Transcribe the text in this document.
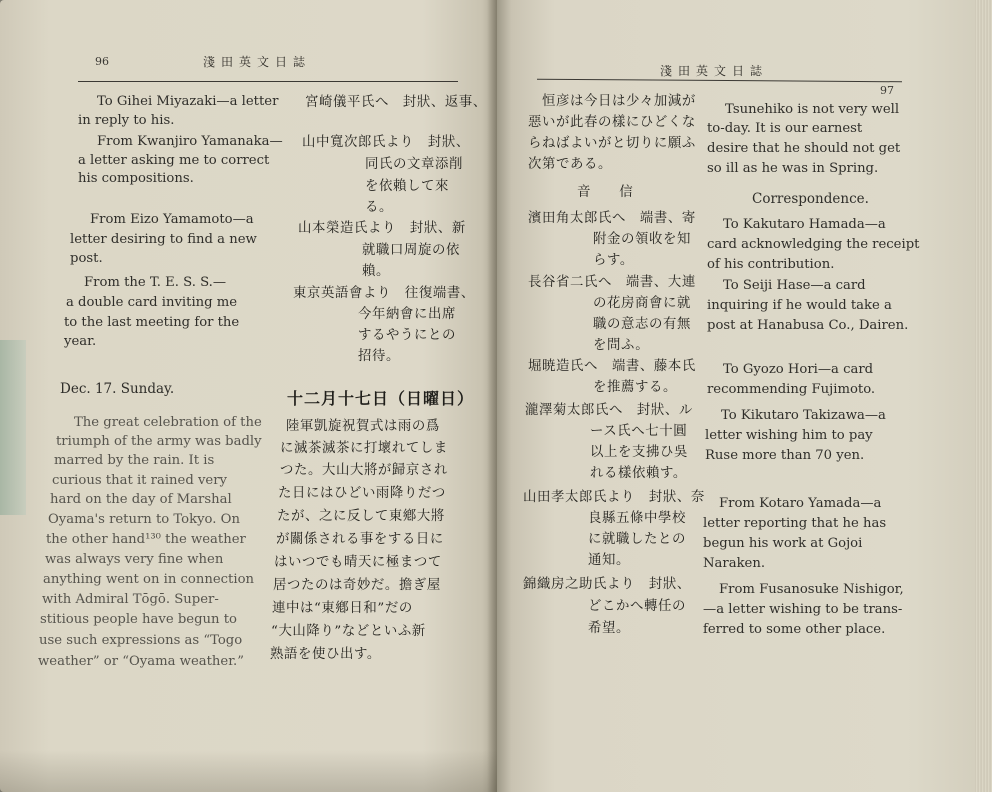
96	淺田英文日誌
To Gihei Miyazaki—a letter
in reply to his.
宮崎儀平氏へ　封狀、返事、
From Kwanjiro Yamanaka—
a letter asking me to correct
his compositions.
山中寬次郎氏より　封狀、
同氏の文章添削
を依賴して來
る。
From Eizo Yamamoto—a
letter desiring to find a new
post.
山本榮造氏より　封狀、新
就職口周旋の依
賴。
From the T. E. S. S.—
a double card inviting me
to the last meeting for the
year.
東京英語會より　往復端書、
今年納會に出席
するやうにとの
招待。
Dec. 17. Sunday.	十二月十七日（日曜日）
The great celebration of the
triumph of the army was badly
marred by the rain. It is
curious that it rained very
hard on the day of Marshal
Oyama's return to Tokyo. On
the other hand¹³⁰ the weather
was always very fine when
anything went on in connection
with Admiral Tōgō. Super-
stitious people have begun to
use such expressions as “Togo
weather” or “Oyama weather.”
陸軍凱旋祝賀式は雨の爲
に滅茶滅茶に打壞れてしま
つた。大山大將が歸京され
た日にはひどい雨降りだつ
たが、之に反して東鄕大將
が關係される事をする日に
はいつでも晴天に極まつて
居つたのは奇妙だ。擔ぎ屋
連中は“東鄕日和”だの
“大山降り”などといふ新
熟語を使ひ出す。
淺田英文日誌
97
恒彦は今日は少々加減が
惡いが此春の樣にひどくな
らねばよいがと切りに願ふ
次第である。
Tsunehiko is not very well
to-day. It is our earnest
desire that he should not get
so ill as he was in Spring.
音　　信	Correspondence.
濱田角太郎氏へ　端書、寄
附金の領收を知
らす。
To Kakutaro Hamada—a
card acknowledging the receipt
of his contribution.
長谷省二氏へ　端書、大連
の花房商會に就
職の意志の有無
を問ふ。
To Seiji Hase—a card
inquiring if he would take a
post at Hanabusa Co., Dairen.
堀暁造氏へ　端書、藤本氏
を推薦する。
To Gyozo Hori—a card
recommending Fujimoto.
瀧澤菊太郎氏へ　封狀、ル
ース氏へ七十圓
以上を支拂ひ吳
れる樣依賴す。
To Kikutaro Takizawa—a
letter wishing him to pay
Ruse more than 70 yen.
山田孝太郎氏より　封狀、奈
良縣五條中學校
に就職したとの
通知。
From Kotaro Yamada—a
letter reporting that he has
begun his work at Gojoi
Naraken.
錦織房之助氏より　封狀、
どこかへ轉任の
希望。
From Fusanosuke Nishigor,
—a letter wishing to be trans-
ferred to some other place.
